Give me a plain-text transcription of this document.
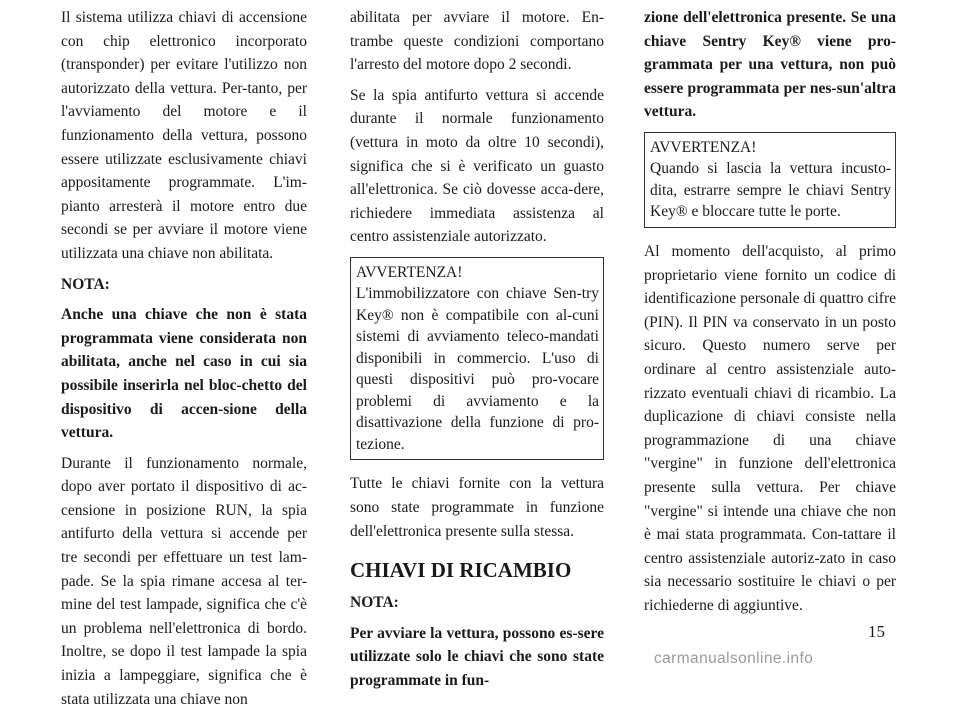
Il sistema utilizza chiavi di accensione con chip elettronico incorporato (transponder) per evitare l'utilizzo non autorizzato della vettura. Per-tanto, per l'avviamento del motore e il funzionamento della vettura, possono essere utilizzate esclusivamente chiavi appositamente programmate. L'im-pianto arresterà il motore entro due secondi se per avviare il motore viene utilizzata una chiave non abilitata.

NOTA:

Anche una chiave che non è stata programmata viene considerata non abilitata, anche nel caso in cui sia possibile inserirla nel bloc-chetto del dispositivo di accen-sione della vettura.

Durante il funzionamento normale, dopo aver portato il dispositivo di ac-censione in posizione RUN, la spia antifurto della vettura si accende per tre secondi per effettuare un test lam-pade. Se la spia rimane accesa al ter-mine del test lampade, significa che c'è un problema nell'elettronica di bordo. Inoltre, se dopo il test lampade la spia inizia a lampeggiare, significa che è stata utilizzata una chiave non

abilitata per avviare il motore. En-trambe queste condizioni comportano l'arresto del motore dopo 2 secondi.

Se la spia antifurto vettura si accende durante il normale funzionamento (vettura in moto da oltre 10 secondi), significa che si è verificato un guasto all'elettronica. Se ciò dovesse acca-dere, richiedere immediata assistenza al centro assistenziale autorizzato.

AVVERTENZA!

L'immobilizzatore con chiave Sen-try Key® non è compatibile con al-cuni sistemi di avviamento teleco-mandati disponibili in commercio. L'uso di questi dispositivi può pro-vocare problemi di avviamento e la disattivazione della funzione di pro-tezione.

Tutte le chiavi fornite con la vettura sono state programmate in funzione dell'elettronica presente sulla stessa.

CHIAVI DI RICAMBIO

NOTA:

Per avviare la vettura, possono es-sere utilizzate solo le chiavi che sono state programmate in fun-

zione dell'elettronica presente. Se una chiave Sentry Key® viene pro-grammata per una vettura, non può essere programmata per nes-sun'altra vettura.

AVVERTENZA!

Quando si lascia la vettura incusto-dita, estrarre sempre le chiavi Sentry Key® e bloccare tutte le porte.

Al momento dell'acquisto, al primo proprietario viene fornito un codice di identificazione personale di quattro cifre (PIN). Il PIN va conservato in un posto sicuro. Questo numero serve per ordinare al centro assistenziale auto-rizzato eventuali chiavi di ricambio. La duplicazione di chiavi consiste nella programmazione di una chiave "vergine" in funzione dell'elettronica presente sulla vettura. Per chiave "vergine" si intende una chiave che non è mai stata programmata. Con-tattare il centro assistenziale autoriz-zato in caso sia necessario sostituire le chiavi o per richiederne di aggiuntive.

15
carmanualsonline.info
